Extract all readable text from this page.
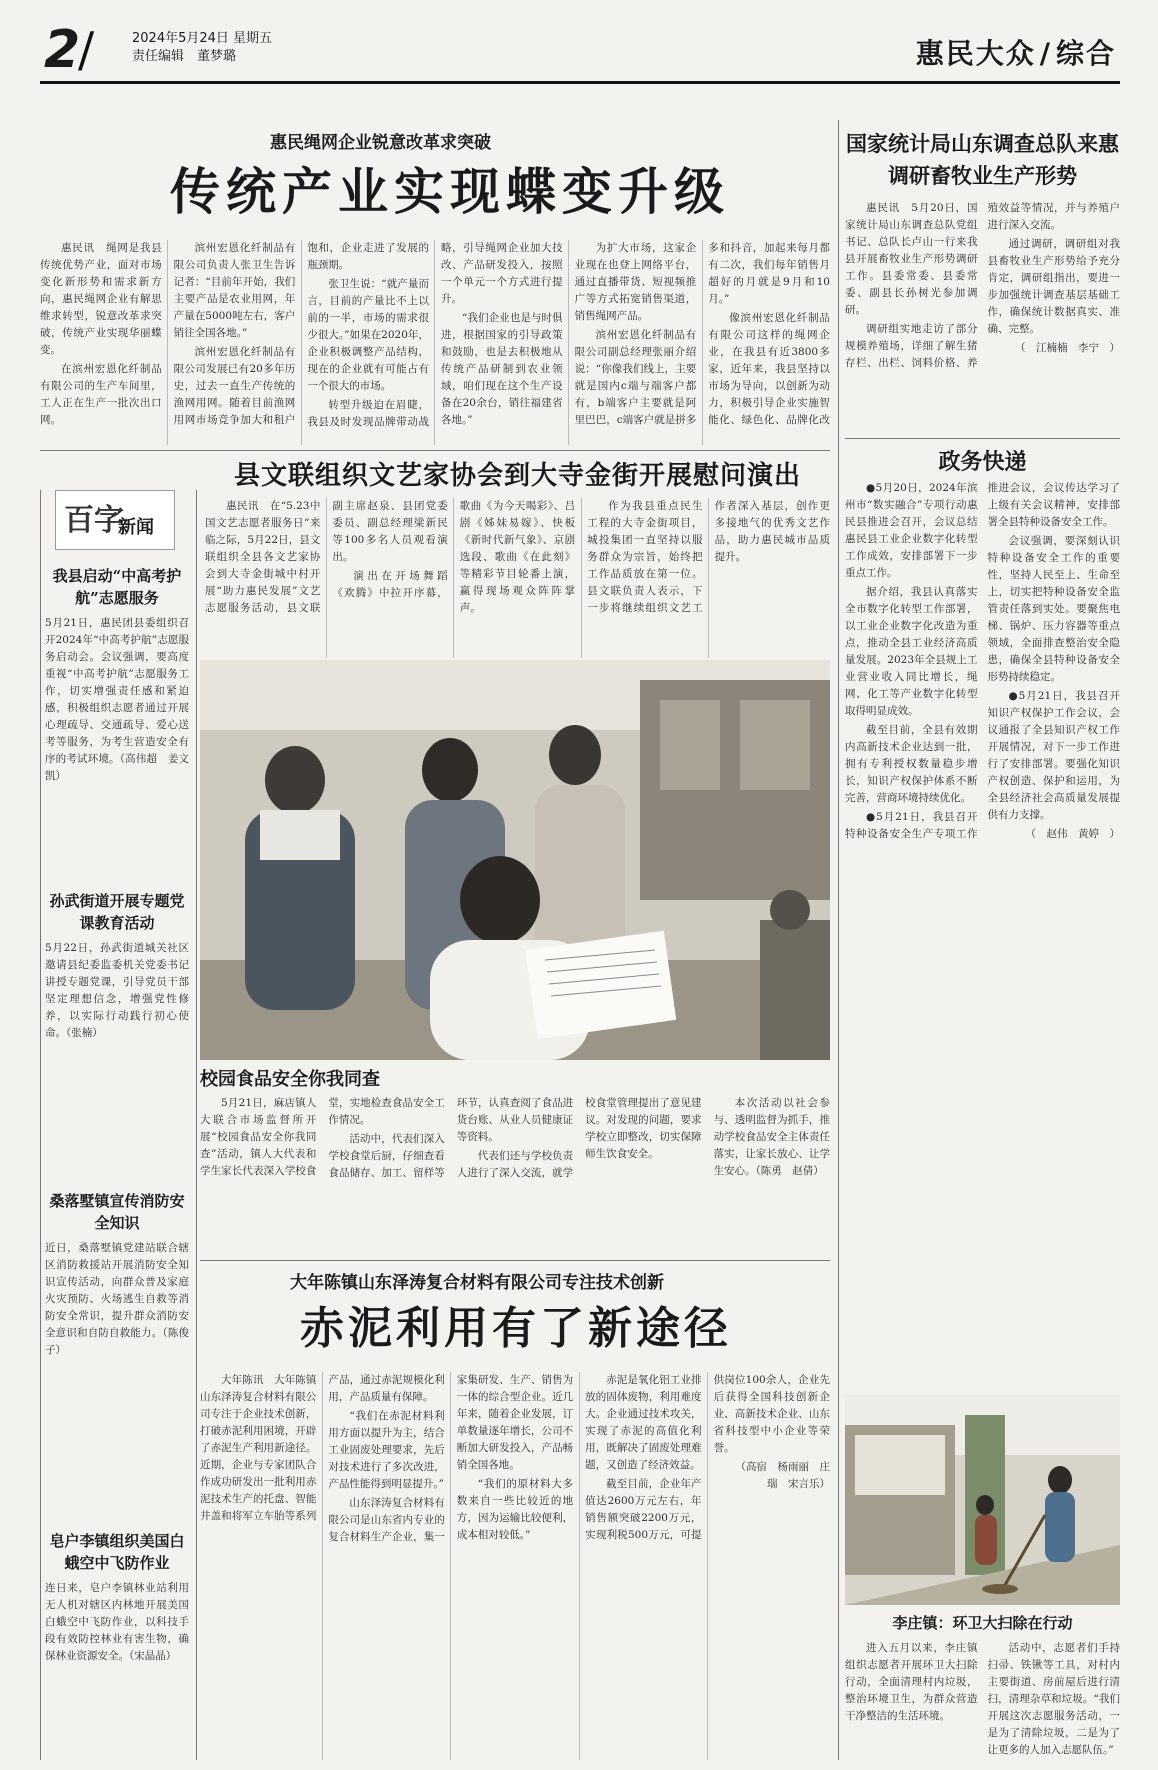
2
/	2024年5月24日 星期五
责任编辑　董梦璐	惠民大众 / 综合
惠民绳网企业锐意改革求突破
传统产业实现蝶变升级

惠民讯　绳网是我县传统优势产业，面对市场变化新形势和需求新方向，惠民绳网企业有解思维求转型，锐意改革求突破，传统产业实现华丽蝶变。

在滨州宏恩化纤制品有限公司的生产车间里，工人正在生产一批次出口网。

滨州宏恩化纤制品有限公司负责人张卫生告诉记者：“目前年开始，我们主要产品是农业用网，年产量在5000吨左右，客户销往全国各地。”

滨州宏恩化纤制品有限公司发展已有20多年历史，过去一直生产传统的渔网用网。随着目前渔网用网市场竞争加大和租户饱和，企业走进了发展的瓶颈期。

张卫生说：“就产量而言，目前的产量比不上以前的一半，市场的需求很少很大。”如果在2020年，企业积极调整产品结构，现在的企业就有可能占有一个很大的市场。

转型升级迫在眉睫，我县及时发现品牌带动战略，引导绳网企业加大技改、产品研发投入，按照一个单元一个方式进行提升。

“我们企业也是与时俱进，根据国家的引导政策和鼓励，也是去积极地从传统产品研制到农业领域，咱们现在这个生产设备在20余台，销往福建省各地。”

为扩大市场，这家企业现在也登上网络平台，通过直播带货、短视频推广等方式拓宽销售渠道，销售绳网产品。

滨州宏恩化纤制品有限公司副总经理张丽介绍说：“你像我们线上，主要就是国内c端与端客户都有，b端客户主要就是阿里巴巴，c端客户就是拼多多和抖音，加起来每月都有二次，我们每年销售月超好的月就是9月和10月。”

像滨州宏恩化纤制品有限公司这样的绳网企业，在我县有近3800多家，近年来，我县坚持以市场为导向，以创新为动力，积极引导企业实施智能化、绿色化、品牌化改

国家统计局山东调查总队来惠调研畜牧业生产形势

惠民讯　5月20日，国家统计局山东调查总队党组书记、总队长卢山一行来我县开展畜牧业生产形势调研工作。县委常委、县委常委、副县长孙树光参加调研。

调研组实地走访了部分规模养殖场，详细了解生猪存栏、出栏、饲料价格、养殖效益等情况，并与养殖户进行深入交流。

通过调研，调研组对我县畜牧业生产形势给予充分肯定，调研组指出，要进一步加强统计调查基层基础工作，确保统计数据真实、准确、完整。

（　江楠楠　李宁　）

政务快递

●5月20日，2024年滨州市“数实融合”专项行动惠民县推进会召开，会议总结惠民县工业企业数字化转型工作成效，安排部署下一步重点工作。

据介绍，我县认真落实全市数字化转型工作部署，以工业企业数字化改造为重点，推动全县工业经济高质量发展。2023年全县规上工业营业收入同比增长，绳网、化工等产业数字化转型取得明显成效。

截至目前，全县有效期内高新技术企业达到一批，拥有专利授权数量稳步增长，知识产权保护体系不断完善，营商环境持续优化。

●5月21日，我县召开特种设备安全生产专项工作推进会议，会议传达学习了上级有关会议精神，安排部署全县特种设备安全工作。

会议强调，要深刻认识特种设备安全工作的重要性，坚持人民至上、生命至上，切实把特种设备安全监管责任落到实处。要聚焦电梯、锅炉、压力容器等重点领域，全面排查整治安全隐患，确保全县特种设备安全形势持续稳定。

●5月21日，我县召开知识产权保护工作会议，会议通报了全县知识产权工作开展情况，对下一步工作进行了安排部署。要强化知识产权创造、保护和运用，为全县经济社会高质量发展提供有力支撑。

（　赵伟　黄婷　）

百字
新闻
我县启动“中高考护航”志愿服务
5月21日，惠民团县委组织召开2024年“中高考护航”志愿服务启动会。会议强调，要高度重视“中高考护航”志愿服务工作，切实增强责任感和紧迫感，积极组织志愿者通过开展心理疏导、交通疏导、爱心送考等服务，为考生营造安全有序的考试环境。（高伟超　姜文凯）
孙武街道开展专题党课教育活动
5月22日，孙武街道城关社区邀请县纪委监委机关党委书记讲授专题党课，引导党员干部坚定理想信念，增强党性修养，以实际行动践行初心使命。（张楠）
桑落墅镇宣传消防安全知识
近日，桑落墅镇党建站联合辖区消防救援站开展消防安全知识宣传活动，向群众普及家庭火灾预防、火场逃生自救等消防安全常识，提升群众消防安全意识和自防自救能力。（陈俊子）
皂户李镇组织美国白蛾空中飞防作业
连日来，皂户李镇林业站利用无人机对辖区内林地开展美国白蛾空中飞防作业，以科技手段有效防控林业有害生物，确保林业资源安全。（宋晶晶）
县文联组织文艺家协会到大寺金街开展慰问演出

惠民讯　在“5.23中国文艺志愿者服务日”来临之际，5月22日，县文联组织全县各文艺家协会到大寺金街城中村开展“助力惠民发展”文艺志愿服务活动，县文联副主席赵泉、县团党委委员、副总经理梁新民等100多名人员观看演出。

演出在开场舞蹈《欢腾》中拉开序幕，歌曲《为今天喝彩》、吕剧《姊妹易嫁》、快板《新时代新气象》、京剧选段、歌曲《在此刻》等精彩节目轮番上演，赢得现场观众阵阵掌声。

作为我县重点民生工程的大寺金街项目，城投集团一直坚持以服务群众为宗旨，始终把工作品质放在第一位。县文联负责人表示，下一步将继续组织文艺工作者深入基层，创作更多接地气的优秀文艺作品，助力惠民城市品质提升。

校园食品安全你我同查

5月21日，麻店镇人大联合市场监督所开展“校园食品安全你我同查”活动，镇人大代表和学生家长代表深入学校食堂，实地检查食品安全工作情况。

活动中，代表们深入学校食堂后厨，仔细查看食品储存、加工、留样等环节，认真查阅了食品进货台账、从业人员健康证等资料。

代表们还与学校负责人进行了深入交流，就学校食堂管理提出了意见建议。对发现的问题，要求学校立即整改，切实保障师生饮食安全。

本次活动以社会参与、透明监督为抓手，推动学校食品安全主体责任落实，让家长放心、让学生安心。（陈勇　赵倩）

大年陈镇山东泽涛复合材料有限公司专注技术创新
赤泥利用有了新途径

大年陈讯　大年陈镇山东泽涛复合材料有限公司专注于企业技术创新，打破赤泥利用困境，开辟了赤泥生产利用新途径。近期，企业与专家团队合作成功研发出一批利用赤泥技术生产的托盘、智能井盖和将军立车胎等系列产品，通过赤泥规模化利用，产品质量有保障。

“我们在赤泥材料利用方面以提升为主，结合工业固废处理要求，先后对技术进行了多次改进，产品性能得到明显提升。”

山东泽涛复合材料有限公司是山东省内专业的复合材料生产企业，集一家集研发、生产、销售为一体的综合型企业。近几年来，随着企业发展，订单数量逐年增长，公司不断加大研发投入，产品畅销全国各地。

“我们的原材料大多数来自一些比较近的地方，因为运输比较便利，成本相对较低。”

赤泥是氧化铝工业排放的固体废物，利用难度大。企业通过技术攻关，实现了赤泥的高值化利用，既解决了固废处理难题，又创造了经济效益。

截至目前，企业年产值达2600万元左右，年销售额突破2200万元，实现利税500万元，可提供岗位100余人，企业先后获得全国科技创新企业、高新技术企业、山东省科技型中小企业等荣誉。

（高宿　杨雨丽　庄瑞　宋言乐）

李庄镇：环卫大扫除在行动

进入五月以来，李庄镇组织志愿者开展环卫大扫除行动，全面清理村内垃圾，整治环境卫生，为群众营造干净整洁的生活环境。

活动中，志愿者们手持扫帚、铁锹等工具，对村内主要街道、房前屋后进行清扫，清理杂草和垃圾。“我们开展这次志愿服务活动，一是为了清除垃圾，二是为了让更多的人加入志愿队伍。”
